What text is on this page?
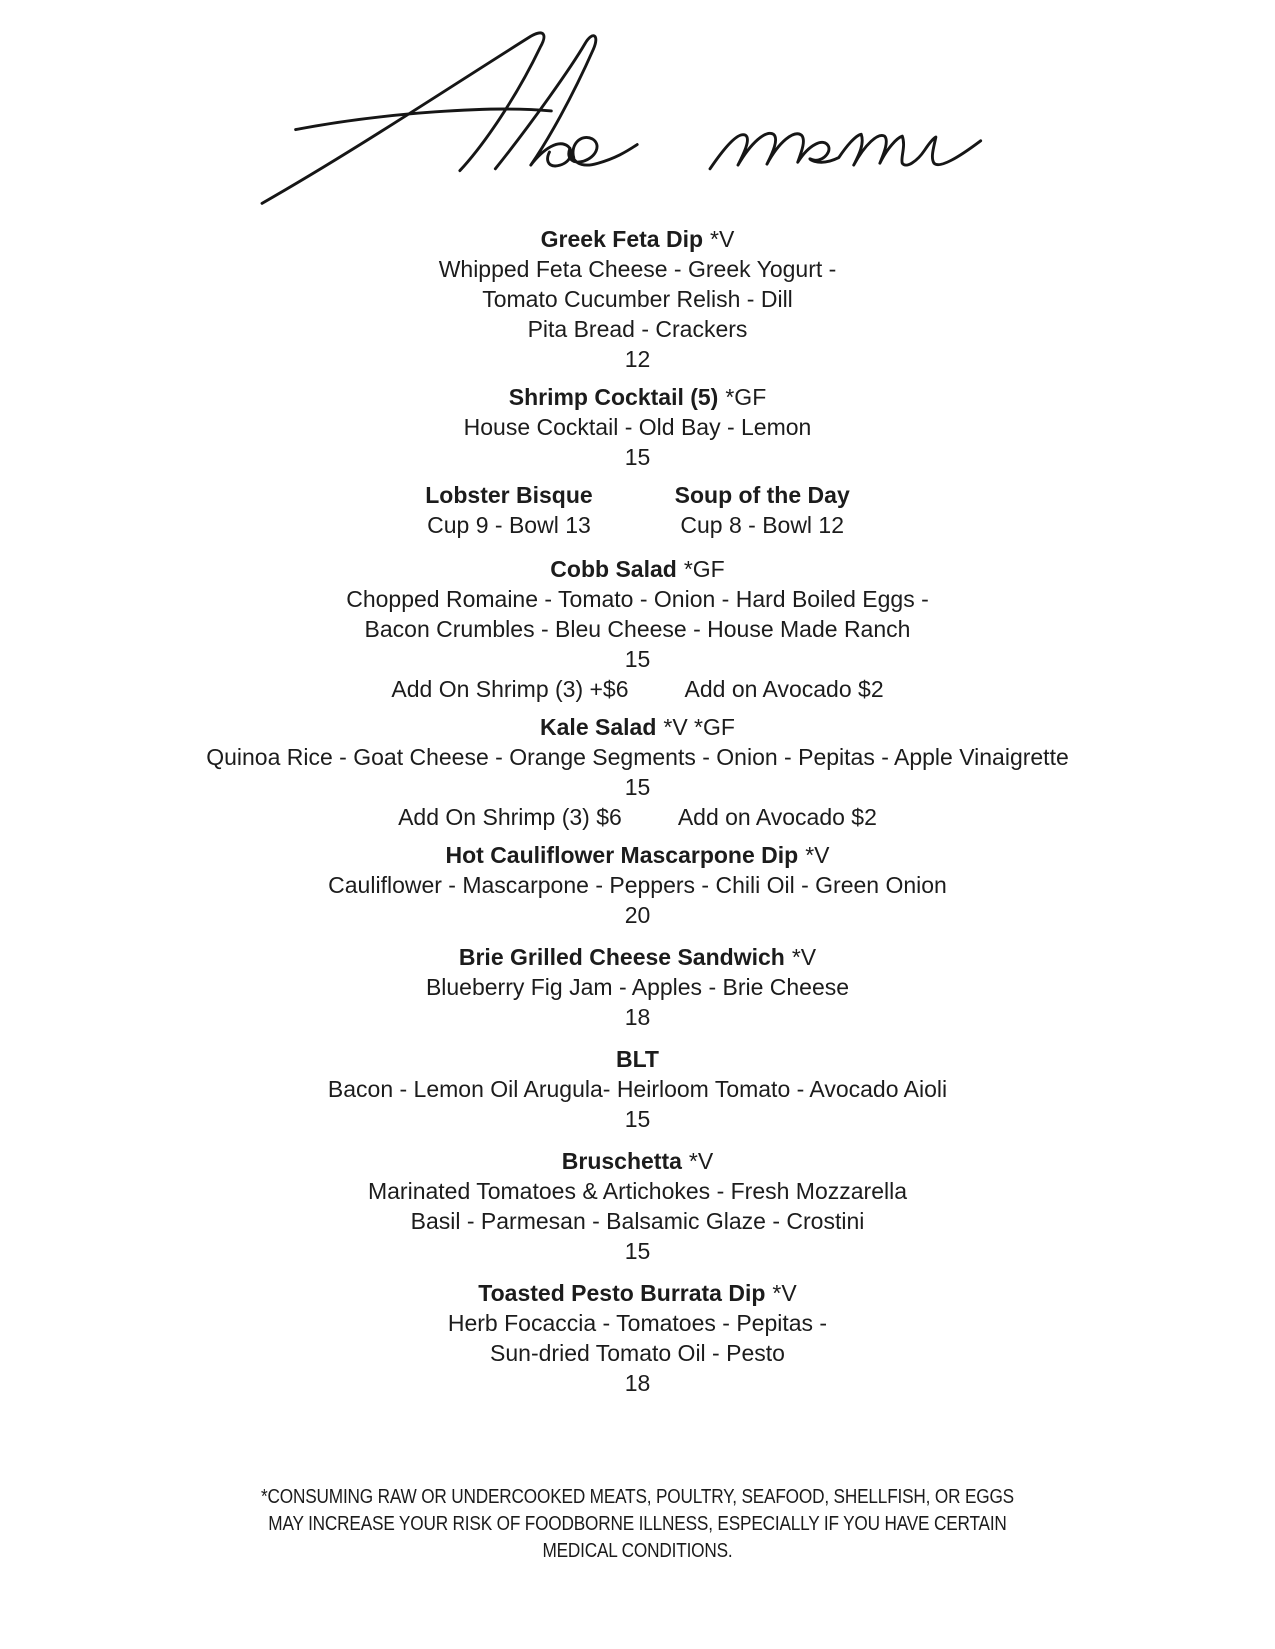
Greek Feta Dip *V
Whipped Feta Cheese - Greek Yogurt -
Tomato Cucumber Relish - Dill
Pita Bread - Crackers
12
Shrimp Cocktail (5) *GF
House Cocktail - Old Bay - Lemon
15
Lobster Bisque
Cup 9 - Bowl 13
Soup of the Day
Cup 8 - Bowl 12
Cobb Salad *GF
Chopped Romaine - Tomato - Onion - Hard Boiled Eggs -
Bacon Crumbles - Bleu Cheese - House Made Ranch
15
Add On Shrimp (3) +$6 Add on Avocado $2
Kale Salad *V *GF
Quinoa Rice - Goat Cheese - Orange Segments - Onion - Pepitas - Apple Vinaigrette
15
Add On Shrimp (3) $6 Add on Avocado $2
Hot Cauliflower Mascarpone Dip *V
Cauliflower - Mascarpone - Peppers - Chili Oil - Green Onion
20
Brie Grilled Cheese Sandwich *V
Blueberry Fig Jam - Apples - Brie Cheese
18
BLT
Bacon - Lemon Oil Arugula- Heirloom Tomato - Avocado Aioli
15
Bruschetta *V
Marinated Tomatoes & Artichokes - Fresh Mozzarella
Basil - Parmesan - Balsamic Glaze - Crostini
15
Toasted Pesto Burrata Dip *V
Herb Focaccia - Tomatoes - Pepitas -
Sun-dried Tomato Oil - Pesto
18
*CONSUMING RAW OR UNDERCOOKED MEATS, POULTRY, SEAFOOD, SHELLFISH, OR EGGS
MAY INCREASE YOUR RISK OF FOODBORNE ILLNESS, ESPECIALLY IF YOU HAVE CERTAIN
MEDICAL CONDITIONS.
